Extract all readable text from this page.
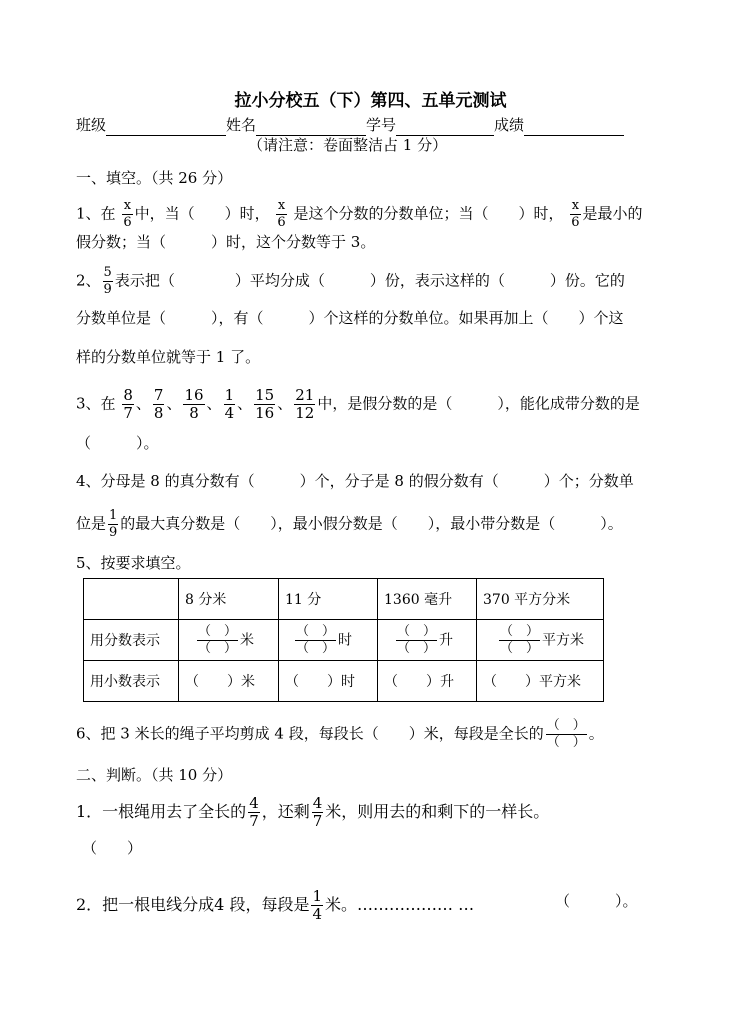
拉小分校五（下）第四、五单元测试
班级	姓名	学号	成绩
（请注意：卷面整洁占 1 分）
一、填空。（共 26 分）
1、在 $\frac{x}{6}$ 中，当（　　）时， $\frac{x}{6}$ 是这个分数的分数单位；当（　　）时， $\frac{x}{6}$ 是最小的
假分数；当（　　　）时，这个分数等于 3。
2、 $\frac{5}{9}$ 表示把（　　　　）平均分成（　　　）份，表示这样的（　　　）份。它的
分数单位是（　　　），有（　　　）个这样的分数单位。如果再加上（　　）个这
样的分数单位就等于 1 了。
3、在 $\frac{8}{7}$ 、 $\frac{7}{8}$ 、 $\frac{16}{8}$ 、 $\frac{1}{4}$ 、 $\frac{15}{16}$ 、 $\frac{21}{12}$ 中，是假分数的是（　　　），能化成带分数的是
（　　　）。
4、分母是 8 的真分数有（　　　）个，分子是 8 的假分数有（　　　）个；分数单
位是 $\frac{1}{9}$ 的最大真分数是（　　），最小假分数是（　　），最小带分数是（　　　）。
5、按要求填空。
	8 分米	11 分	1360 毫升	370 平方分米
用分数表示	$\frac{( )}{( )}$ 米	$\frac{( )}{( )}$ 时	$\frac{( )}{( )}$ 升	$\frac{( )}{( )}$ 平方米
用小数表示	（　　）米	（　　）时	（　　）升	（　　）平方米
6、把 3 米长的绳子平均剪成 4 段，每段长（　　）米，每段是全长的 $\frac{( )}{( )}$ 。
二、判断。（共 10 分）
1．一根绳用去了全长的 $\frac{4}{7}$ ，还剩 $\frac{4}{7}$ 米，则用去的和剩下的一样长。
（　　）
2．把一根电线分成4 段，每段是 $\frac{1}{4}$ 米。……………… …	（　　　）。
